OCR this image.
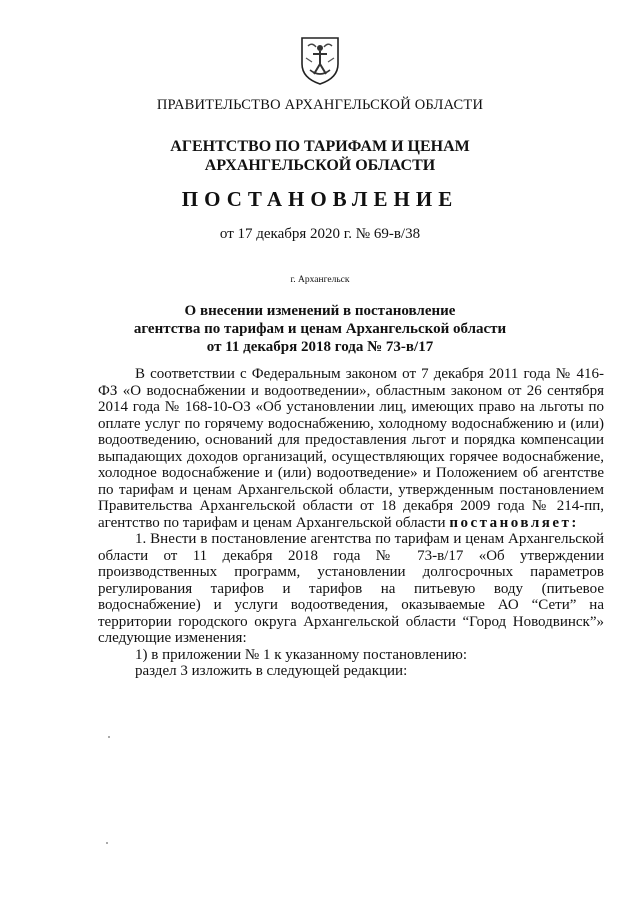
ПРАВИТЕЛЬСТВО АРХАНГЕЛЬСКОЙ ОБЛАСТИ
АГЕНТСТВО ПО ТАРИФАМ И ЦЕНАМ
АРХАНГЕЛЬСКОЙ ОБЛАСТИ
ПОСТАНОВЛЕНИЕ
от 17 декабря 2020 г. № 69-в/38
г. Архангельск
О внесении изменений в постановление
агентства по тарифам и ценам Архангельской области
от 11 декабря 2018 года № 73-в/17

В соответствии с Федеральным законом от 7 декабря 2011 года № 416-ФЗ «О водоснабжении и водоотведении», областным законом от 26 сентября 2014 года № 168-10-ОЗ «Об установлении лиц, имеющих право на льготы по оплате услуг по горячему водоснабжению, холодному водоснабжению и (или) водоотведению, оснований для предоставления льгот и порядка компенсации выпадающих доходов организаций, осуществляющих горячее водоснабжение, холодное водоснабжение и (или) водоотведение» и Положением об агентстве по тарифам и ценам Архангельской области, утвержденным постановлением Правительства Архангельской области от 18 декабря 2009 года № 214-пп, агентство по тарифам и ценам Архангельской области постановляет:

1. Внести в постановление агентства по тарифам и ценам Архангельской области от 11 декабря 2018 года № 73-в/17 «Об утверждении производственных программ, установлении долгосрочных параметров регулирования тарифов и тарифов на питьевую воду (питьевое водоснабжение) и услуги водоотведения, оказываемые АО “Сети” на территории городского округа Архангельской области “Город Новодвинск”» следующие изменения:

1) в приложении № 1 к указанному постановлению:

раздел 3 изложить в следующей редакции:
